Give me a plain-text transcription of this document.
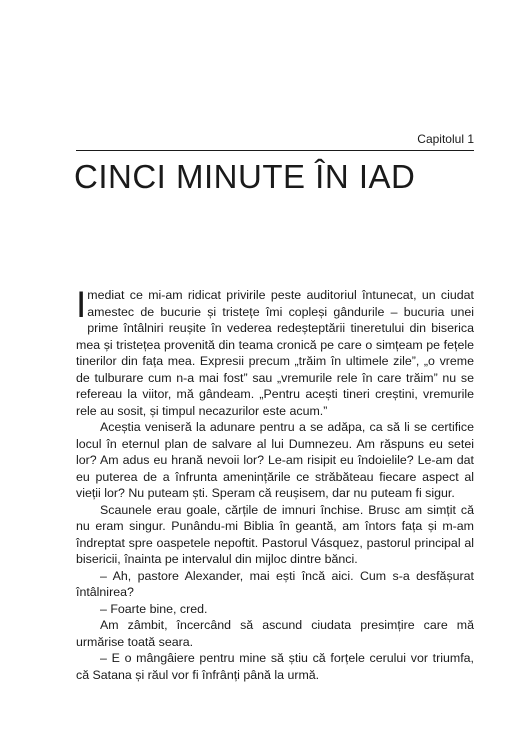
Capitolul 1
CINCI MINUTE ÎN IAD

Imediat ce mi-am ridicat privirile peste auditoriul întunecat, un ciudat amestec de bucurie și tristețe îmi copleși gândurile – bucuria unei prime întâlniri reușite în vederea redeșteptării tineretului din biserica mea și tristețea provenită din teama cronică pe care o simțeam pe fețele tinerilor din fața mea. Expresii precum „trăim în ultimele zile”, „o vreme de tulburare cum n-a mai fost” sau „vremurile rele în care trăim” nu se refereau la viitor, mă gândeam. „Pentru acești tineri creștini, vremurile rele au sosit, și timpul necazurilor este acum.”

Aceștia veniseră la adunare pentru a se adăpa, ca să li se certifice locul în eternul plan de salvare al lui Dumnezeu. Am răspuns eu setei lor? Am adus eu hrană nevoii lor? Le-am risipit eu îndoielile? Le-am dat eu puterea de a înfrunta amenințările ce străbăteau fiecare aspect al vieții lor? Nu puteam ști. Speram că reușisem, dar nu puteam fi sigur.

Scaunele erau goale, cărțile de imnuri închise. Brusc am simțit că nu eram singur. Punându-mi Biblia în geantă, am întors fața și m-am îndreptat spre oaspetele nepoftit. Pastorul Vásquez, pastorul principal al bisericii, înainta pe intervalul din mijloc dintre bănci.

– Ah, pastore Alexander, mai ești încă aici. Cum s-a desfășurat întâlnirea?

– Foarte bine, cred.

Am zâmbit, încercând să ascund ciudata presimțire care mă urmărise toată seara.

– E o mângâiere pentru mine să știu că forțele cerului vor triumfa, că Satana și răul vor fi înfrânți până la urmă.
